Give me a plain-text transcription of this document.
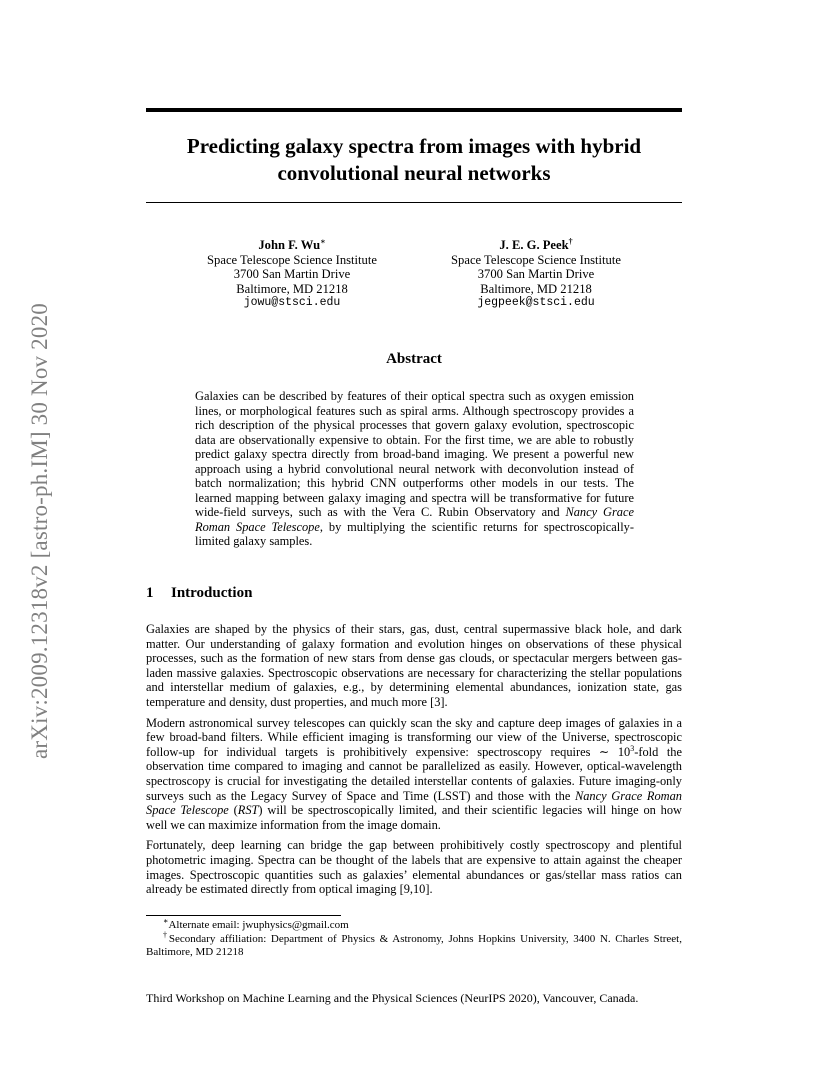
arXiv:2009.12318v2 [astro-ph.IM] 30 Nov 2020
Predicting galaxy spectra from images with hybrid
convolutional neural networks
John F. Wu∗
Space Telescope Science Institute
3700 San Martin Drive
Baltimore, MD 21218
jowu@stsci.edu
J. E. G. Peek†
Space Telescope Science Institute
3700 San Martin Drive
Baltimore, MD 21218
jegpeek@stsci.edu
Abstract

Galaxies can be described by features of their optical spectra such as oxygen emission lines, or morphological features such as spiral arms. Although spectroscopy provides a rich description of the physical processes that govern galaxy evolution, spectroscopic data are observationally expensive to obtain. For the first time, we are able to robustly predict galaxy spectra directly from broad-band imaging. We present a powerful new approach using a hybrid convolutional neural network with deconvolution instead of batch normalization; this hybrid CNN outperforms other models in our tests. The learned mapping between galaxy imaging and spectra will be transformative for future wide-field surveys, such as with the Vera C. Rubin Observatory and Nancy Grace Roman Space Telescope, by multiplying the scientific returns for spectroscopically-limited galaxy samples.

1 Introduction

Galaxies are shaped by the physics of their stars, gas, dust, central supermassive black hole, and dark matter. Our understanding of galaxy formation and evolution hinges on observations of these physical processes, such as the formation of new stars from dense gas clouds, or spectacular mergers between gas-laden massive galaxies. Spectroscopic observations are necessary for characterizing the stellar populations and interstellar medium of galaxies, e.g., by determining elemental abundances, ionization state, gas temperature and density, dust properties, and much more [3].

Modern astronomical survey telescopes can quickly scan the sky and capture deep images of galaxies in a few broad-band filters. While efficient imaging is transforming our view of the Universe, spectroscopic follow-up for individual targets is prohibitively expensive: spectroscopy requires ∼ $10^3$-fold the observation time compared to imaging and cannot be parallelized as easily. However, optical-wavelength spectroscopy is crucial for investigating the detailed interstellar contents of galaxies. Future imaging-only surveys such as the Legacy Survey of Space and Time (LSST) and those with the Nancy Grace Roman Space Telescope (RST) will be spectroscopically limited, and their scientific legacies will hinge on how well we can maximize information from the image domain.

Fortunately, deep learning can bridge the gap between prohibitively costly spectroscopy and plentiful photometric imaging. Spectra can be thought of the labels that are expensive to attain against the cheaper images. Spectroscopic quantities such as galaxies’ elemental abundances or gas/stellar mass ratios can already be estimated directly from optical imaging [9,10].

∗Alternate email: jwuphysics@gmail.com
†Secondary affiliation: Department of Physics & Astronomy, Johns Hopkins University, 3400 N. Charles Street, Baltimore, MD 21218
Third Workshop on Machine Learning and the Physical Sciences (NeurIPS 2020), Vancouver, Canada.
